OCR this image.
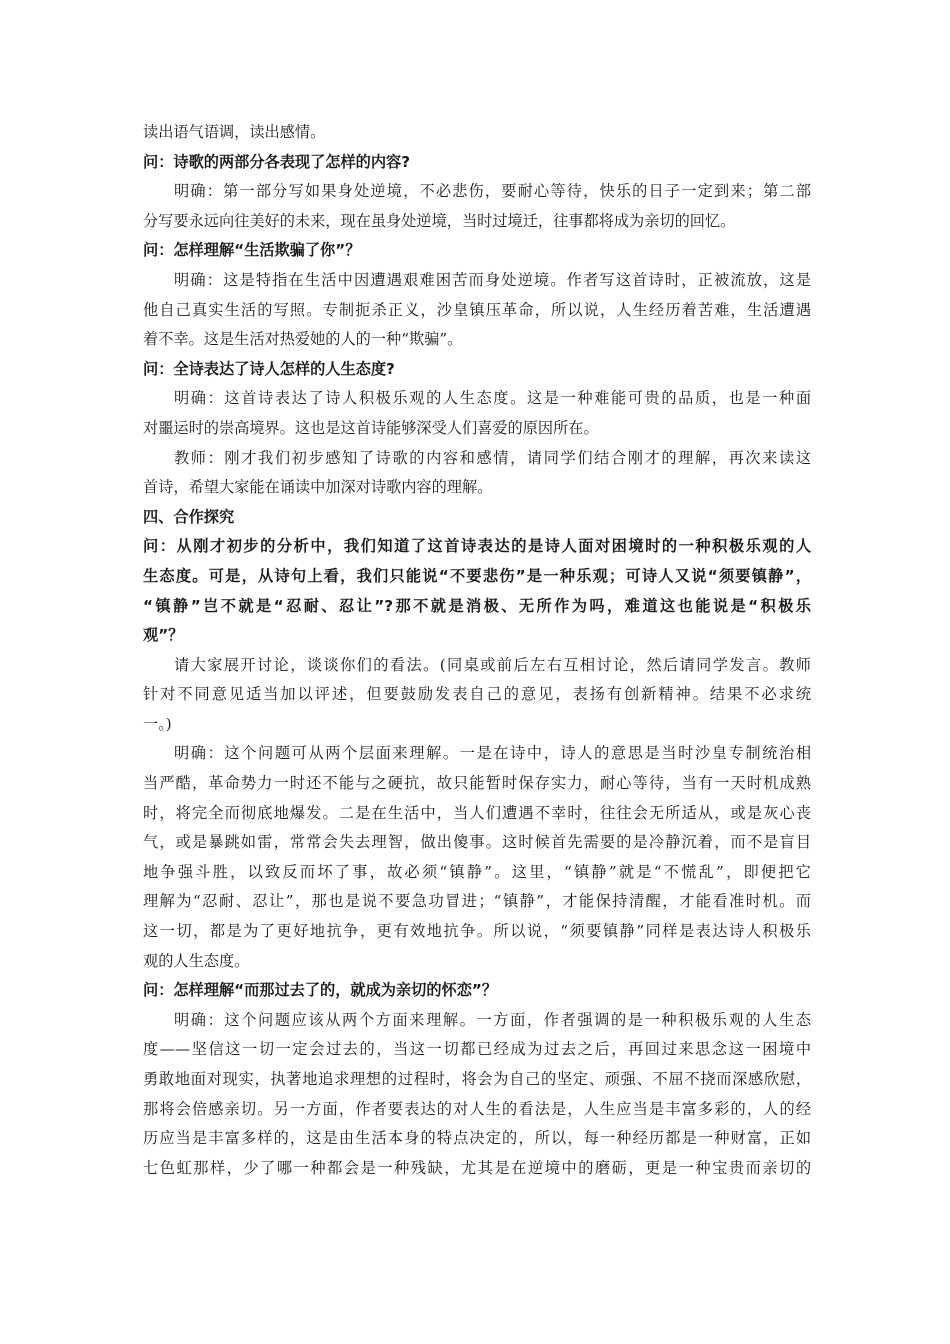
读出语气语调，读出感情。
问：诗歌的两部分各表现了怎样的内容?
明确：第一部分写如果身处逆境，不必悲伤，要耐心等待，快乐的日子一定到来；第二部
分写要永远向往美好的未来，现在虽身处逆境，当时过境迁，往事都将成为亲切的回忆。
问：怎样理解“生活欺骗了你”？
明确：这是特指在生活中因遭遇艰难困苦而身处逆境。作者写这首诗时，正被流放，这是
他自己真实生活的写照。专制扼杀正义，沙皇镇压革命，所以说，人生经历着苦难，生活遭遇
着不幸。这是生活对热爱她的人的一种“欺骗”。
问：全诗表达了诗人怎样的人生态度?
明确：这首诗表达了诗人积极乐观的人生态度。这是一种难能可贵的品质，也是一种面
对噩运时的崇高境界。这也是这首诗能够深受人们喜爱的原因所在。
教师：刚才我们初步感知了诗歌的内容和感情，请同学们结合刚才的理解，再次来读这
首诗，希望大家能在诵读中加深对诗歌内容的理解。
四、合作探究
问：从刚才初步的分析中，我们知道了这首诗表达的是诗人面对困境时的一种积极乐观的人
生态度。可是，从诗句上看，我们只能说“不要悲伤”是一种乐观；可诗人又说“须要镇静”，
“镇静”岂不就是“忍耐、忍让”?那不就是消极、无所作为吗，难道这也能说是“积极乐
观”？
请大家展开讨论，谈谈你们的看法。(同桌或前后左右互相讨论，然后请同学发言。教师
针对不同意见适当加以评述，但要鼓励发表自己的意见，表扬有创新精神。结果不必求统
一。)
明确：这个问题可从两个层面来理解。一是在诗中，诗人的意思是当时沙皇专制统治相
当严酷，革命势力一时还不能与之硬抗，故只能暂时保存实力，耐心等待，当有一天时机成熟
时，将完全而彻底地爆发。二是在生活中，当人们遭遇不幸时，往往会无所适从，或是灰心丧
气，或是暴跳如雷，常常会失去理智，做出傻事。这时候首先需要的是冷静沉着，而不是盲目
地争强斗胜，以致反而坏了事，故必须“镇静”。这里，“镇静”就是“不慌乱”，即便把它
理解为“忍耐、忍让”，那也是说不要急功冒进；“镇静”，才能保持清醒，才能看准时机。而
这一切，都是为了更好地抗争，更有效地抗争。所以说，“须要镇静”同样是表达诗人积极乐
观的人生态度。
问：怎样理解“而那过去了的，就成为亲切的怀恋”？
明确：这个问题应该从两个方面来理解。一方面，作者强调的是一种积极乐观的人生态
度——坚信这一切一定会过去的，当这一切都已经成为过去之后，再回过来思念这一困境中
勇敢地面对现实，执著地追求理想的过程时，将会为自己的坚定、顽强、不屈不挠而深感欣慰，
那将会倍感亲切。另一方面，作者要表达的对人生的看法是，人生应当是丰富多彩的，人的经
历应当是丰富多样的，这是由生活本身的特点决定的，所以，每一种经历都是一种财富，正如
七色虹那样，少了哪一种都会是一种残缺，尤其是在逆境中的磨砺，更是一种宝贵而亲切的
